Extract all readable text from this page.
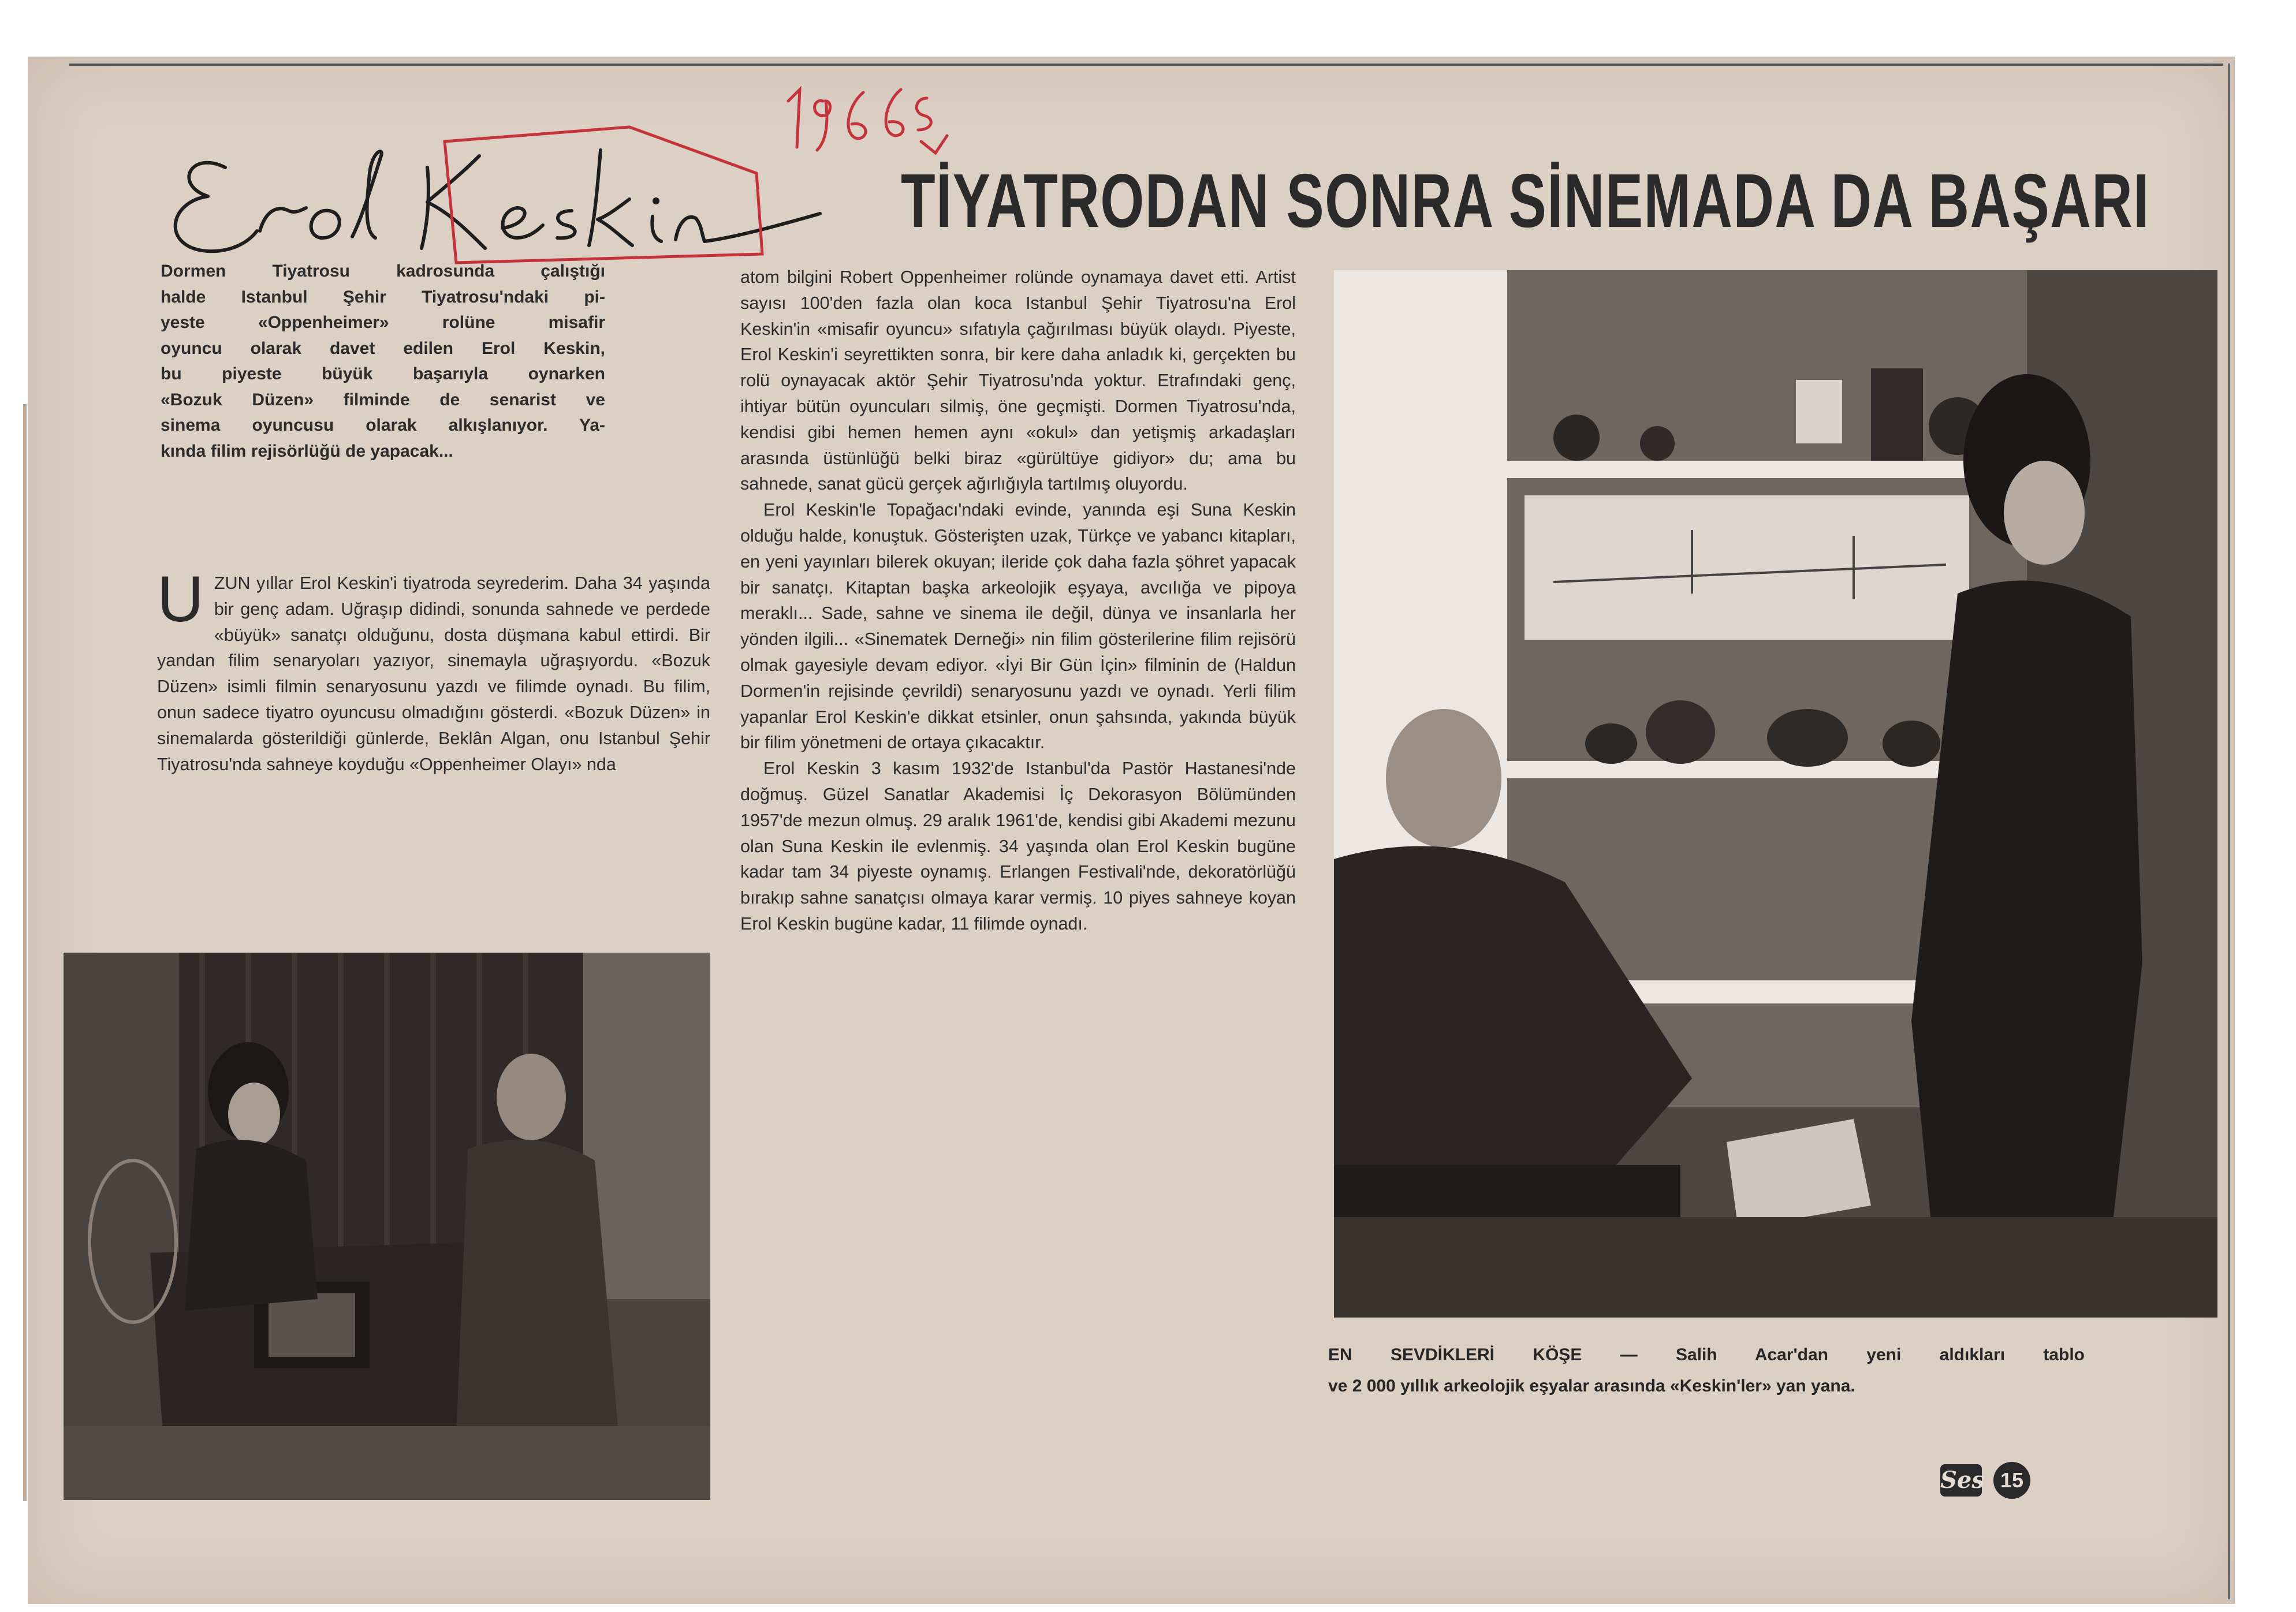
TİYATRODAN SONRA SİNEMADA DA BAŞARI
Dormen Tiyatrosu kadrosunda çalıştığı
halde Istanbul Şehir Tiyatrosu'ndaki pi-
yeste «Oppenheimer» rolüne misafir
oyuncu olarak davet edilen Erol Keskin,
bu piyeste büyük başarıyla oynarken
«Bozuk Düzen» filminde de senarist ve
sinema oyuncusu olarak alkışlanıyor. Ya-
kında filim rejisörlüğü de yapacak...
U ZUN yıllar Erol Keskin'i tiyatroda seyrederim. Daha 34 yaşında bir genç adam. Uğraşıp didindi, sonunda sahnede ve perdede «büyük» sanatçı olduğunu, dosta düşmana kabul ettirdi. Bir yandan filim senaryoları yazıyor, sinemayla uğraşıyordu. «Bozuk Düzen» isimli filmin senaryosunu yazdı ve filimde oynadı. Bu filim, onun sadece tiyatro oyuncusu olmadığını gösterdi. «Bozuk Düzen» in sinemalarda gösterildiği günlerde, Beklân Algan, onu Istanbul Şehir Tiyatrosu'nda sahneye koyduğu «Oppenheimer Olayı» nda

atom bilgini Robert Oppenheimer rolünde oynamaya davet etti. Artist sayısı 100'den fazla olan koca Istanbul Şehir Tiyatrosu'na Erol Keskin'in «misafir oyuncu» sıfatıyla çağırılması büyük olaydı. Piyeste, Erol Keskin'i seyrettikten sonra, bir kere daha anladık ki, gerçekten bu rolü oynayacak aktör Şehir Tiyatrosu'nda yoktur. Etrafındaki genç, ihtiyar bütün oyuncuları silmiş, öne geçmişti. Dormen Tiyatrosu'nda, kendisi gibi hemen hemen aynı «okul» dan yetişmiş arkadaşları arasında üstünlüğü belki biraz «gürültüye gidiyor» du; ama bu sahnede, sanat gücü gerçek ağırlığıyla tartılmış oluyordu.

Erol Keskin'le Topağacı'ndaki evinde, yanında eşi Suna Keskin olduğu halde, konuştuk. Gösterişten uzak, Türkçe ve yabancı kitapları, en yeni yayınları bilerek okuyan; ileride çok daha fazla şöhret yapacak bir sanatçı. Kitaptan başka arkeolojik eşyaya, avcılığa ve pipoya meraklı... Sade, sahne ve sinema ile değil, dünya ve insanlarla her yönden ilgili... «Sinematek Derneği» nin filim gösterilerine filim rejisörü olmak gayesiyle devam ediyor. «İyi Bir Gün İçin» filminin de (Haldun Dormen'in rejisinde çevrildi) senaryosunu yazdı ve oynadı. Yerli filim yapanlar Erol Keskin'e dikkat etsinler, onun şahsında, yakında büyük bir filim yönetmeni de ortaya çıkacaktır.

Erol Keskin 3 kasım 1932'de Istanbul'da Pastör Hastanesi'nde doğmuş. Güzel Sanatlar Akademisi İç Dekorasyon Bölümünden 1957'de mezun olmuş. 29 aralık 1961'de, kendisi gibi Akademi mezunu olan Suna Keskin ile evlenmiş. 34 yaşında olan Erol Keskin bugüne kadar tam 34 piyeste oynamış. Erlangen Festivali'nde, dekoratörlüğü bırakıp sahne sanatçısı olmaya karar vermiş. 10 piyes sahneye koyan Erol Keskin bugüne kadar, 11 filimde oynadı.

EN SEVDİKLERİ KÖŞE — Salih Acar'dan yeni aldıkları tablo
ve 2 000 yıllık arkeolojik eşyalar arasında «Keskin'ler» yan yana.
Ses 15
